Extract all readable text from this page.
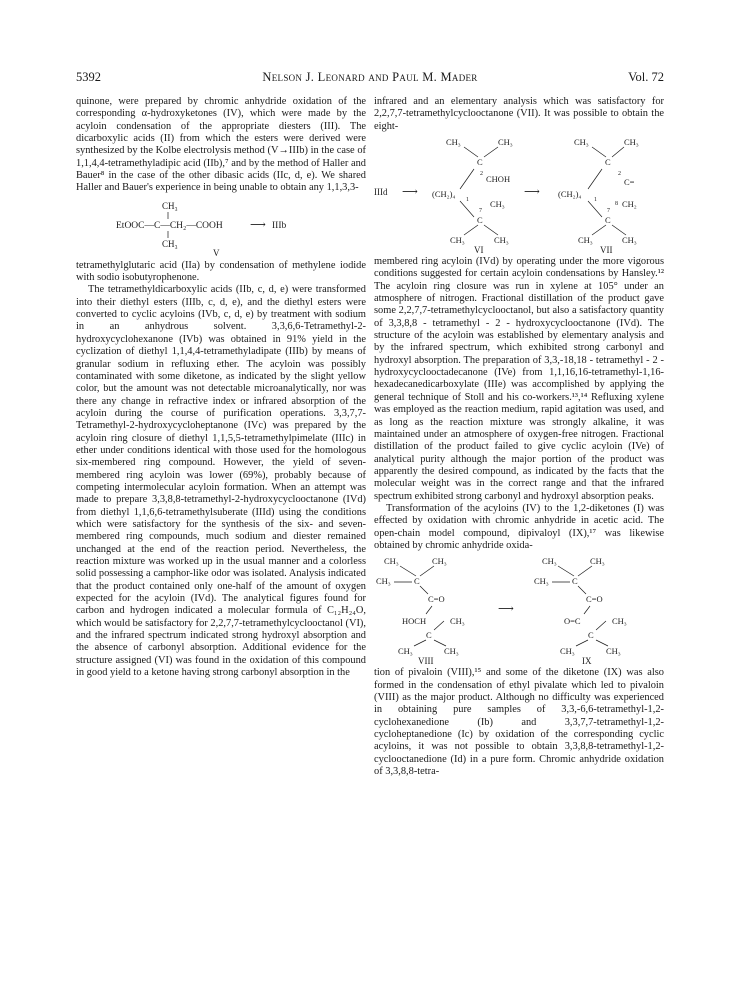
5392	Nelson J. Leonard and Paul M. Mader	Vol. 72

quinone, were prepared by chromic anhydride oxidation of the corresponding α-hydroxyketones (IV), which were made by the acyloin condensation of the appropriate diesters (III). The dicarboxylic acids (II) from which the esters were derived were synthesized by the Kolbe electrolysis method (V→IIIb) in the case of 1,1,4,4-tetramethyladipic acid (IIb),⁷ and by the method of Haller and Bauer⁸ in the case of the other dibasic acids (IIc, d, e). We shared Haller and Bauer's experience in being unable to obtain any 1,1,3,3-

CH₃
EtOOC—C—CH₂—COOH ⟶ IIIb
CH₃
V

tetramethylglutaric acid (IIa) by condensation of methylene iodide with sodio isobutyrophenone.

The tetramethyldicarboxylic acids (IIb, c, d, e) were transformed into their diethyl esters (IIIb, c, d, e), and the diethyl esters were converted to cyclic acyloins (IVb, c, d, e) by treatment with sodium in an anhydrous solvent. 3,3,6,6-Tetramethyl-2-hydroxycyclohexanone (IVb) was obtained in 91% yield in the cyclization of diethyl 1,1,4,4-tetramethyladipate (IIIb) by means of granular sodium in refluxing ether. The acyloin was possibly contaminated with some diketone, as indicated by the slight yellow color, but the amount was not detectable microanalytically, nor was there any change in refractive index or infrared absorption of the acyloin during the course of purification operations. 3,3,7,7-Tetramethyl-2-hydroxycycloheptanone (IVc) was prepared by the acyloin ring closure of diethyl 1,1,5,5-tetramethylpimelate (IIIc) in ether under conditions identical with those used for the homologous six-membered ring compound. However, the yield of seven-membered ring acyloin was lower (69%), probably because of competing intermolecular acyloin formation. When an attempt was made to prepare 3,3,8,8-tetramethyl-2-hydroxycyclooctanone (IVd) from diethyl 1,1,6,6-tetramethylsuberate (IIId) using the conditions which were satisfactory for the synthesis of the six- and seven-membered ring compounds, much sodium and diester remained unchanged at the end of the reaction period. Nevertheless, the reaction mixture was worked up in the usual manner and a colorless solid possessing a camphor-like odor was isolated. Analysis indicated that the product contained only one-half of the amount of oxygen expected for the acyloin (IVd). The analytical figures found for carbon and hydrogen indicated a molecular formula of C₁₂H₂₄O, which would be satisfactory for 2,2,7,7-tetramethylcyclooctanol (VI), and the infrared spectrum indicated strong hydroxyl absorption and the absence of carbonyl absorption. Additional evidence for the structure assigned (VI) was found in the oxidation of this compound in good yield to a ketone having strong carbonyl absorption in the

infrared and an elementary analysis which was satisfactory for 2,2,7,7-tetramethylcyclooctanone (VII). It was possible to obtain the eight-

CH₃	CH₃
C
2 CHOH
IIId ⟶ (CH₂)₄
1
7
CH₃
C
CH₃	CH₃
VI
⟶
CH₃	CH₃
C
2
C=
(CH₂)₄
1
7
8 CH₂
C
CH₃	CH₃
VII

membered ring acyloin (IVd) by operating under the more vigorous conditions suggested for certain acyloin condensations by Hansley.¹² The acyloin ring closure was run in xylene at 105° under an atmosphere of nitrogen. Fractional distillation of the product gave some 2,2,7,7-tetramethylcyclooctanol, but also a satisfactory quantity of 3,3,8,8 - tetramethyl - 2 - hydroxycyclooctanone (IVd). The structure of the acyloin was established by elementary analysis and by the infrared spectrum, which exhibited strong carbonyl and hydroxyl absorption. The preparation of 3,3,-18,18 - tetramethyl - 2 - hydroxycyclooctadecanone (IVe) from 1,1,16,16-tetramethyl-1,16-hexadecanedicarboxylate (IIIe) was accomplished by applying the general technique of Stoll and his co-workers.¹³,¹⁴ Refluxing xylene was employed as the reaction medium, rapid agitation was used, and as long as the reaction mixture was strongly alkaline, it was maintained under an atmosphere of oxygen-free nitrogen. Fractional distillation of the product failed to give cyclic acyloin (IVe) of analytical purity although the major portion of the product was apparently the desired compound, as indicated by the facts that the molecular weight was in the correct range and that the infrared spectrum exhibited strong carbonyl and hydroxyl absorption peaks.

Transformation of the acyloins (IV) to the 1,2-diketones (I) was effected by oxidation with chromic anhydride in acetic acid. The open-chain model compound, dipivaloyl (IX),¹⁷ was likewise obtained by chromic anhydride oxida-

CH₃	CH₃
CH₃	C
C=O
HOCH	CH₃
C
CH₃	CH₃
VIII
⟶
CH₃	CH₃
CH₃	C
C=O
O=C	CH₃
C
CH₃	CH₃
IX

tion of pivaloin (VIII),¹⁵ and some of the diketone (IX) was also formed in the condensation of ethyl pivalate which led to pivaloin (VIII) as the major product. Although no difficulty was experienced in obtaining pure samples of 3,3,-6,6-tetramethyl-1,2-cyclohexanedione (Ib) and 3,3,7,7-tetramethyl-1,2-cycloheptanedione (Ic) by oxidation of the corresponding cyclic acyloins, it was not possible to obtain 3,3,8,8-tetramethyl-1,2-cyclooctanedione (Id) in a pure form. Chromic anhydride oxidation of 3,3,8,8-tetra-
